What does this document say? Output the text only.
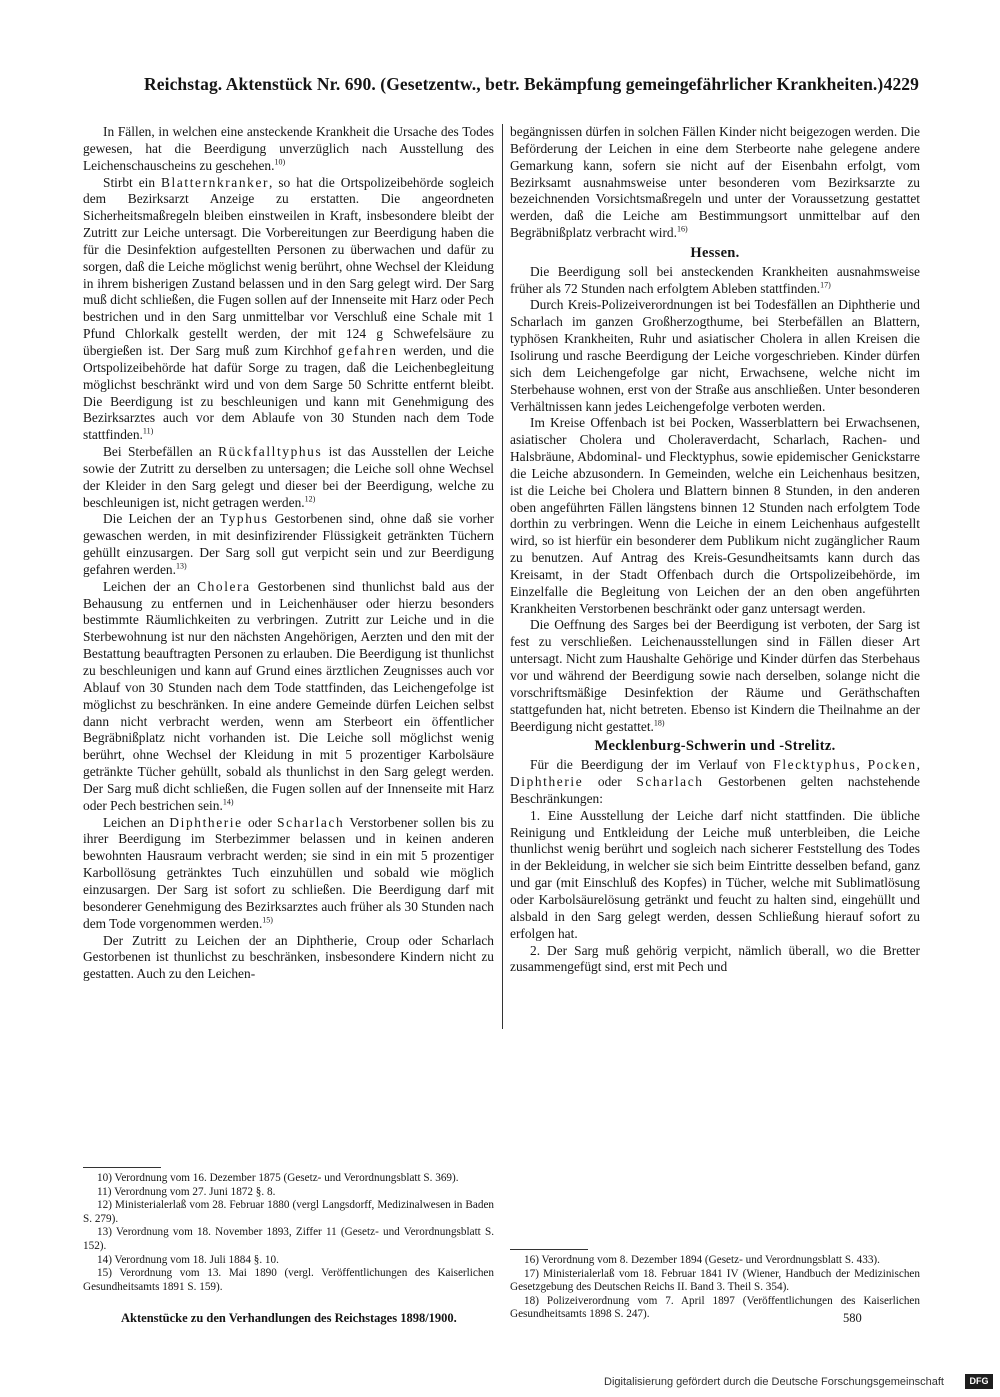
Reichstag. Aktenstück Nr. 690. (Gesetzentw., betr. Bekämpfung gemeingefährlicher Krankheiten.) 4229

In Fällen, in welchen eine ansteckende Krankheit die Ursache des Todes gewesen, hat die Beerdigung unverzüglich nach Ausstellung des Leichenschauscheins zu geschehen.$^{10)}$

Stirbt ein Blatternkranker, so hat die Ortspolizeibehörde sogleich dem Bezirksarzt Anzeige zu erstatten. Die angeordneten Sicherheitsmaßregeln bleiben einstweilen in Kraft, insbesondere bleibt der Zutritt zur Leiche untersagt. Die Vorbereitungen zur Beerdigung haben die für die Desinfektion aufgestellten Personen zu überwachen und dafür zu sorgen, daß die Leiche möglichst wenig berührt, ohne Wechsel der Kleidung in ihrem bisherigen Zustand belassen und in den Sarg gelegt wird. Der Sarg muß dicht schließen, die Fugen sollen auf der Innenseite mit Harz oder Pech bestrichen und in den Sarg unmittelbar vor Verschluß eine Schale mit 1 Pfund Chlorkalk gestellt werden, der mit 124 g Schwefelsäure zu übergießen ist. Der Sarg muß zum Kirchhof gefahren werden, und die Ortspolizeibehörde hat dafür Sorge zu tragen, daß die Leichenbegleitung möglichst beschränkt wird und von dem Sarge 50 Schritte entfernt bleibt. Die Beerdigung ist zu beschleunigen und kann mit Genehmigung des Bezirksarztes auch vor dem Ablaufe von 30 Stunden nach dem Tode stattfinden.$^{11)}$

Bei Sterbefällen an Rückfalltyphus ist das Ausstellen der Leiche sowie der Zutritt zu derselben zu untersagen; die Leiche soll ohne Wechsel der Kleider in den Sarg gelegt und dieser bei der Beerdigung, welche zu beschleunigen ist, nicht getragen werden.$^{12)}$

Die Leichen der an Typhus Gestorbenen sind, ohne daß sie vorher gewaschen werden, in mit desinfizirender Flüssigkeit getränkten Tüchern gehüllt einzusargen. Der Sarg soll gut verpicht sein und zur Beerdigung gefahren werden.$^{13)}$

Leichen der an Cholera Gestorbenen sind thunlichst bald aus der Behausung zu entfernen und in Leichenhäuser oder hierzu besonders bestimmte Räumlichkeiten zu verbringen. Zutritt zur Leiche und in die Sterbewohnung ist nur den nächsten Angehörigen, Aerzten und den mit der Bestattung beauftragten Personen zu erlauben. Die Beerdigung ist thunlichst zu beschleunigen und kann auf Grund eines ärztlichen Zeugnisses auch vor Ablauf von 30 Stunden nach dem Tode stattfinden, das Leichengefolge ist möglichst zu beschränken. In eine andere Gemeinde dürfen Leichen selbst dann nicht verbracht werden, wenn am Sterbeort ein öffentlicher Begräbnißplatz nicht vorhanden ist. Die Leiche soll möglichst wenig berührt, ohne Wechsel der Kleidung in mit 5 prozentiger Karbolsäure getränkte Tücher gehüllt, sobald als thunlichst in den Sarg gelegt werden. Der Sarg muß dicht schließen, die Fugen sollen auf der Innenseite mit Harz oder Pech bestrichen sein.$^{14)}$

Leichen an Diphtherie oder Scharlach Verstorbener sollen bis zu ihrer Beerdigung im Sterbezimmer belassen und in keinen anderen bewohnten Hausraum verbracht werden; sie sind in ein mit 5 prozentiger Karbollösung getränktes Tuch einzuhüllen und sobald wie möglich einzusargen. Der Sarg ist sofort zu schließen. Die Beerdigung darf mit besonderer Genehmigung des Bezirksarztes auch früher als 30 Stunden nach dem Tode vorgenommen werden.$^{15)}$

Der Zutritt zu Leichen der an Diphtherie, Croup oder Scharlach Gestorbenen ist thunlichst zu beschränken, insbesondere Kindern nicht zu gestatten. Auch zu den Leichen-

10) Verordnung vom 16. Dezember 1875 (Gesetz- und Verordnungsblatt S. 369).

11) Verordnung vom 27. Juni 1872 §. 8.

12) Ministerialerlaß vom 28. Februar 1880 (vergl Langsdorff, Medizinalwesen in Baden S. 279).

13) Verordnung vom 18. November 1893, Ziffer 11 (Gesetz- und Verordnungsblatt S. 152).

14) Verordnung vom 18. Juli 1884 §. 10.

15) Verordnung vom 13. Mai 1890 (vergl. Veröffentlichungen des Kaiserlichen Gesundheitsamts 1891 S. 159).

begängnissen dürfen in solchen Fällen Kinder nicht beigezogen werden. Die Beförderung der Leichen in eine dem Sterbeorte nahe gelegene andere Gemarkung kann, sofern sie nicht auf der Eisenbahn erfolgt, vom Bezirksamt ausnahmsweise unter besonderen vom Bezirksarzte zu bezeichnenden Vorsichtsmaßregeln und unter der Voraussetzung gestattet werden, daß die Leiche am Bestimmungsort unmittelbar auf den Begräbnißplatz verbracht wird.$^{16)}$

Hessen.

Die Beerdigung soll bei ansteckenden Krankheiten ausnahmsweise früher als 72 Stunden nach erfolgtem Ableben stattfinden.$^{17)}$

Durch Kreis-Polizeiverordnungen ist bei Todesfällen an Diphtherie und Scharlach im ganzen Großherzogthume, bei Sterbefällen an Blattern, typhösen Krankheiten, Ruhr und asiatischer Cholera in allen Kreisen die Isolirung und rasche Beerdigung der Leiche vorgeschrieben. Kinder dürfen sich dem Leichengefolge gar nicht, Erwachsene, welche nicht im Sterbehause wohnen, erst von der Straße aus anschließen. Unter besonderen Verhältnissen kann jedes Leichengefolge verboten werden.

Im Kreise Offenbach ist bei Pocken, Wasserblattern bei Erwachsenen, asiatischer Cholera und Choleraverdacht, Scharlach, Rachen- und Halsbräune, Abdominal- und Flecktyphus, sowie epidemischer Genickstarre die Leiche abzusondern. In Gemeinden, welche ein Leichenhaus besitzen, ist die Leiche bei Cholera und Blattern binnen 8 Stunden, in den anderen oben angeführten Fällen längstens binnen 12 Stunden nach erfolgtem Tode dorthin zu verbringen. Wenn die Leiche in einem Leichenhaus aufgestellt wird, so ist hierfür ein besonderer dem Publikum nicht zugänglicher Raum zu benutzen. Auf Antrag des Kreis-Gesundheitsamts kann durch das Kreisamt, in der Stadt Offenbach durch die Ortspolizeibehörde, im Einzelfalle die Begleitung von Leichen der an den oben angeführten Krankheiten Verstorbenen beschränkt oder ganz untersagt werden.

Die Oeffnung des Sarges bei der Beerdigung ist verboten, der Sarg ist fest zu verschließen. Leichenausstellungen sind in Fällen dieser Art untersagt. Nicht zum Haushalte Gehörige und Kinder dürfen das Sterbehaus vor und während der Beerdigung sowie nach derselben, solange nicht die vorschriftsmäßige Desinfektion der Räume und Geräthschaften stattgefunden hat, nicht betreten. Ebenso ist Kindern die Theilnahme an der Beerdigung nicht gestattet.$^{18)}$

Mecklenburg-Schwerin und -Strelitz.

Für die Beerdigung der im Verlauf von Flecktyphus, Pocken, Diphtherie oder Scharlach Gestorbenen gelten nachstehende Beschränkungen:

1. Eine Ausstellung der Leiche darf nicht stattfinden. Die übliche Reinigung und Entkleidung der Leiche muß unterbleiben, die Leiche thunlichst wenig berührt und sogleich nach sicherer Feststellung des Todes in der Bekleidung, in welcher sie sich beim Eintritte desselben befand, ganz und gar (mit Einschluß des Kopfes) in Tücher, welche mit Sublimatlösung oder Karbolsäurelösung getränkt und feucht zu halten sind, eingehüllt und alsbald in den Sarg gelegt werden, dessen Schließung hierauf sofort zu erfolgen hat.

2. Der Sarg muß gehörig verpicht, nämlich überall, wo die Bretter zusammengefügt sind, erst mit Pech und

16) Verordnung vom 8. Dezember 1894 (Gesetz- und Verordnungsblatt S. 433).

17) Ministerialerlaß vom 18. Februar 1841 IV (Wiener, Handbuch der Medizinischen Gesetzgebung des Deutschen Reichs II. Band 3. Theil S. 354).

18) Polizeiverordnung vom 7. April 1897 (Veröffentlichungen des Kaiserlichen Gesundheitsamts 1898 S. 247).

Aktenstücke zu den Verhandlungen des Reichstages 1898/1900.	580
Digitalisierung gefördert durch die Deutsche Forschungsgemeinschaft	DFG
